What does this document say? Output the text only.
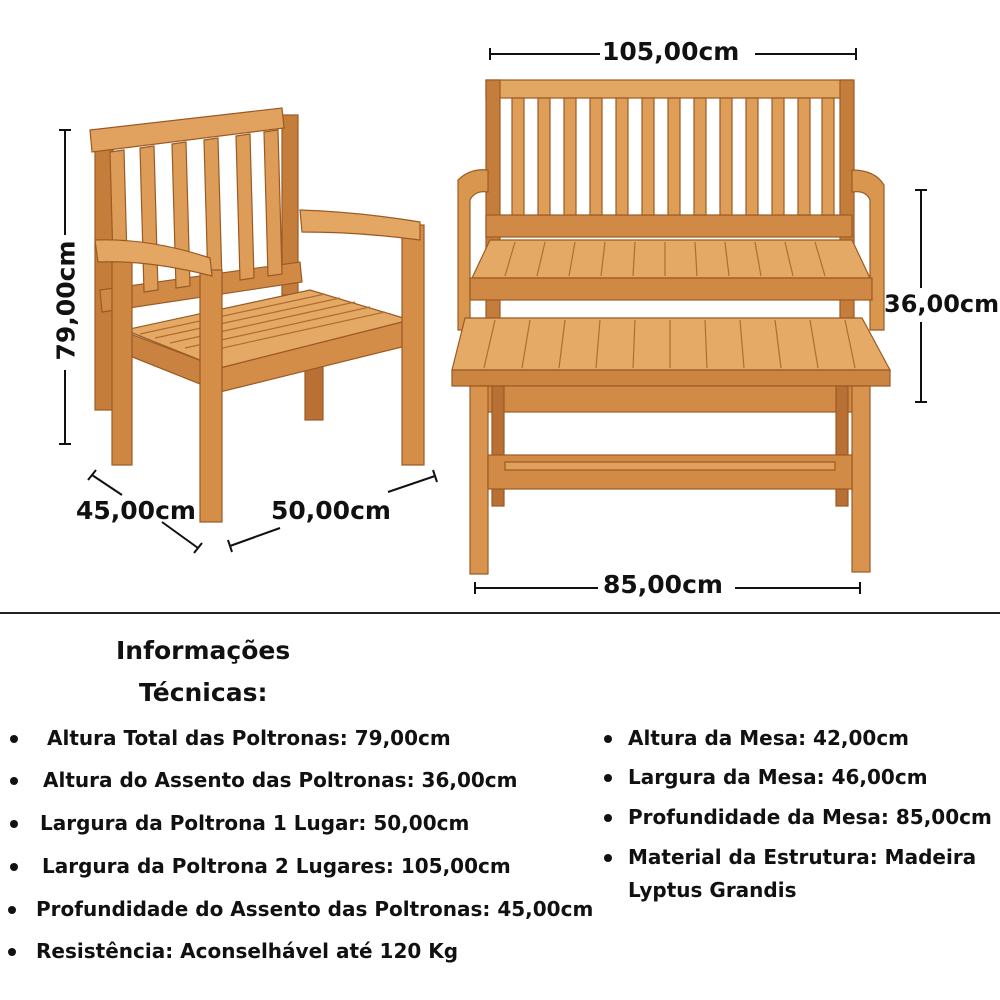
105,00cm
79,00cm	36,00cm
45,00cm	50,00cm
85,00cm
Informações
Técnicas:
Altura Total das Poltronas: 79,00cm
Altura do Assento das Poltronas: 36,00cm
Largura da Poltrona 1 Lugar: 50,00cm
Largura da Poltrona 2 Lugares: 105,00cm
Profundidade do Assento das Poltronas: 45,00cm
Resistência: Aconselhável até 120 Kg
Altura da Mesa: 42,00cm
Largura da Mesa: 46,00cm
Profundidade da Mesa: 85,00cm
Material da Estrutura: Madeira
Lyptus Grandis
